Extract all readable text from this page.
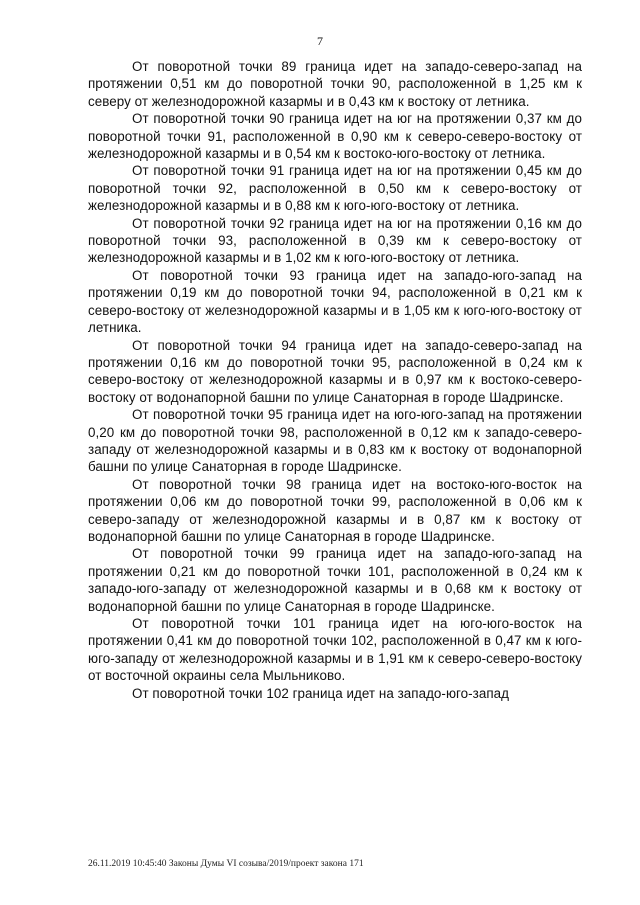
7

От поворотной точки 89 граница идет на западо-северо-запад на протяжении 0,51 км до поворотной точки 90, расположенной в 1,25 км к северу от железнодорожной казармы и в 0,43 км к востоку от летника.

От поворотной точки 90 граница идет на юг на протяжении 0,37 км до поворотной точки 91, расположенной в 0,90 км к северо-северо-востоку от железнодорожной казармы и в 0,54 км к востоко-юго-востоку от летника.

От поворотной точки 91 граница идет на юг на протяжении 0,45 км до поворотной точки 92, расположенной в 0,50 км к северо-востоку от железнодорожной казармы и в 0,88 км к юго-юго-востоку от летника.

От поворотной точки 92 граница идет на юг на протяжении 0,16 км до поворотной точки 93, расположенной в 0,39 км к северо-востоку от железнодорожной казармы и в 1,02 км к юго-юго-востоку от летника.

От поворотной точки 93 граница идет на западо-юго-запад на протяжении 0,19 км до поворотной точки 94, расположенной в 0,21 км к северо-востоку от железнодорожной казармы и в 1,05 км к юго-юго-востоку от летника.

От поворотной точки 94 граница идет на западо-северо-запад на протяжении 0,16 км до поворотной точки 95, расположенной в 0,24 км к северо-востоку от железнодорожной казармы и в 0,97 км к востоко-северо-востоку от водонапорной башни по улице Санаторная в городе Шадринске.

От поворотной точки 95 граница идет на юго-юго-запад на протяжении 0,20 км до поворотной точки 98, расположенной в 0,12 км к западо-северо-западу от железнодорожной казармы и в 0,83 км к востоку от водонапорной башни по улице Санаторная в городе Шадринске.

От поворотной точки 98 граница идет на востоко-юго-восток на протяжении 0,06 км до поворотной точки 99, расположенной в 0,06 км к северо-западу от железнодорожной казармы и в 0,87 км к востоку от водонапорной башни по улице Санаторная в городе Шадринске.

От поворотной точки 99 граница идет на западо-юго-запад на протяжении 0,21 км до поворотной точки 101, расположенной в 0,24 км к западо-юго-западу от железнодорожной казармы и в 0,68 км к востоку от водонапорной башни по улице Санаторная в городе Шадринске.

От поворотной точки 101 граница идет на юго-юго-восток на протяжении 0,41 км до поворотной точки 102, расположенной в 0,47 км к юго-юго-западу от железнодорожной казармы и в 1,91 км к северо-северо-востоку от восточной окраины села Мыльниково.

От поворотной точки 102 граница идет на западо-юго-запад

26.11.2019 10:45:40 Законы Думы VI созыва/2019/проект закона 171
